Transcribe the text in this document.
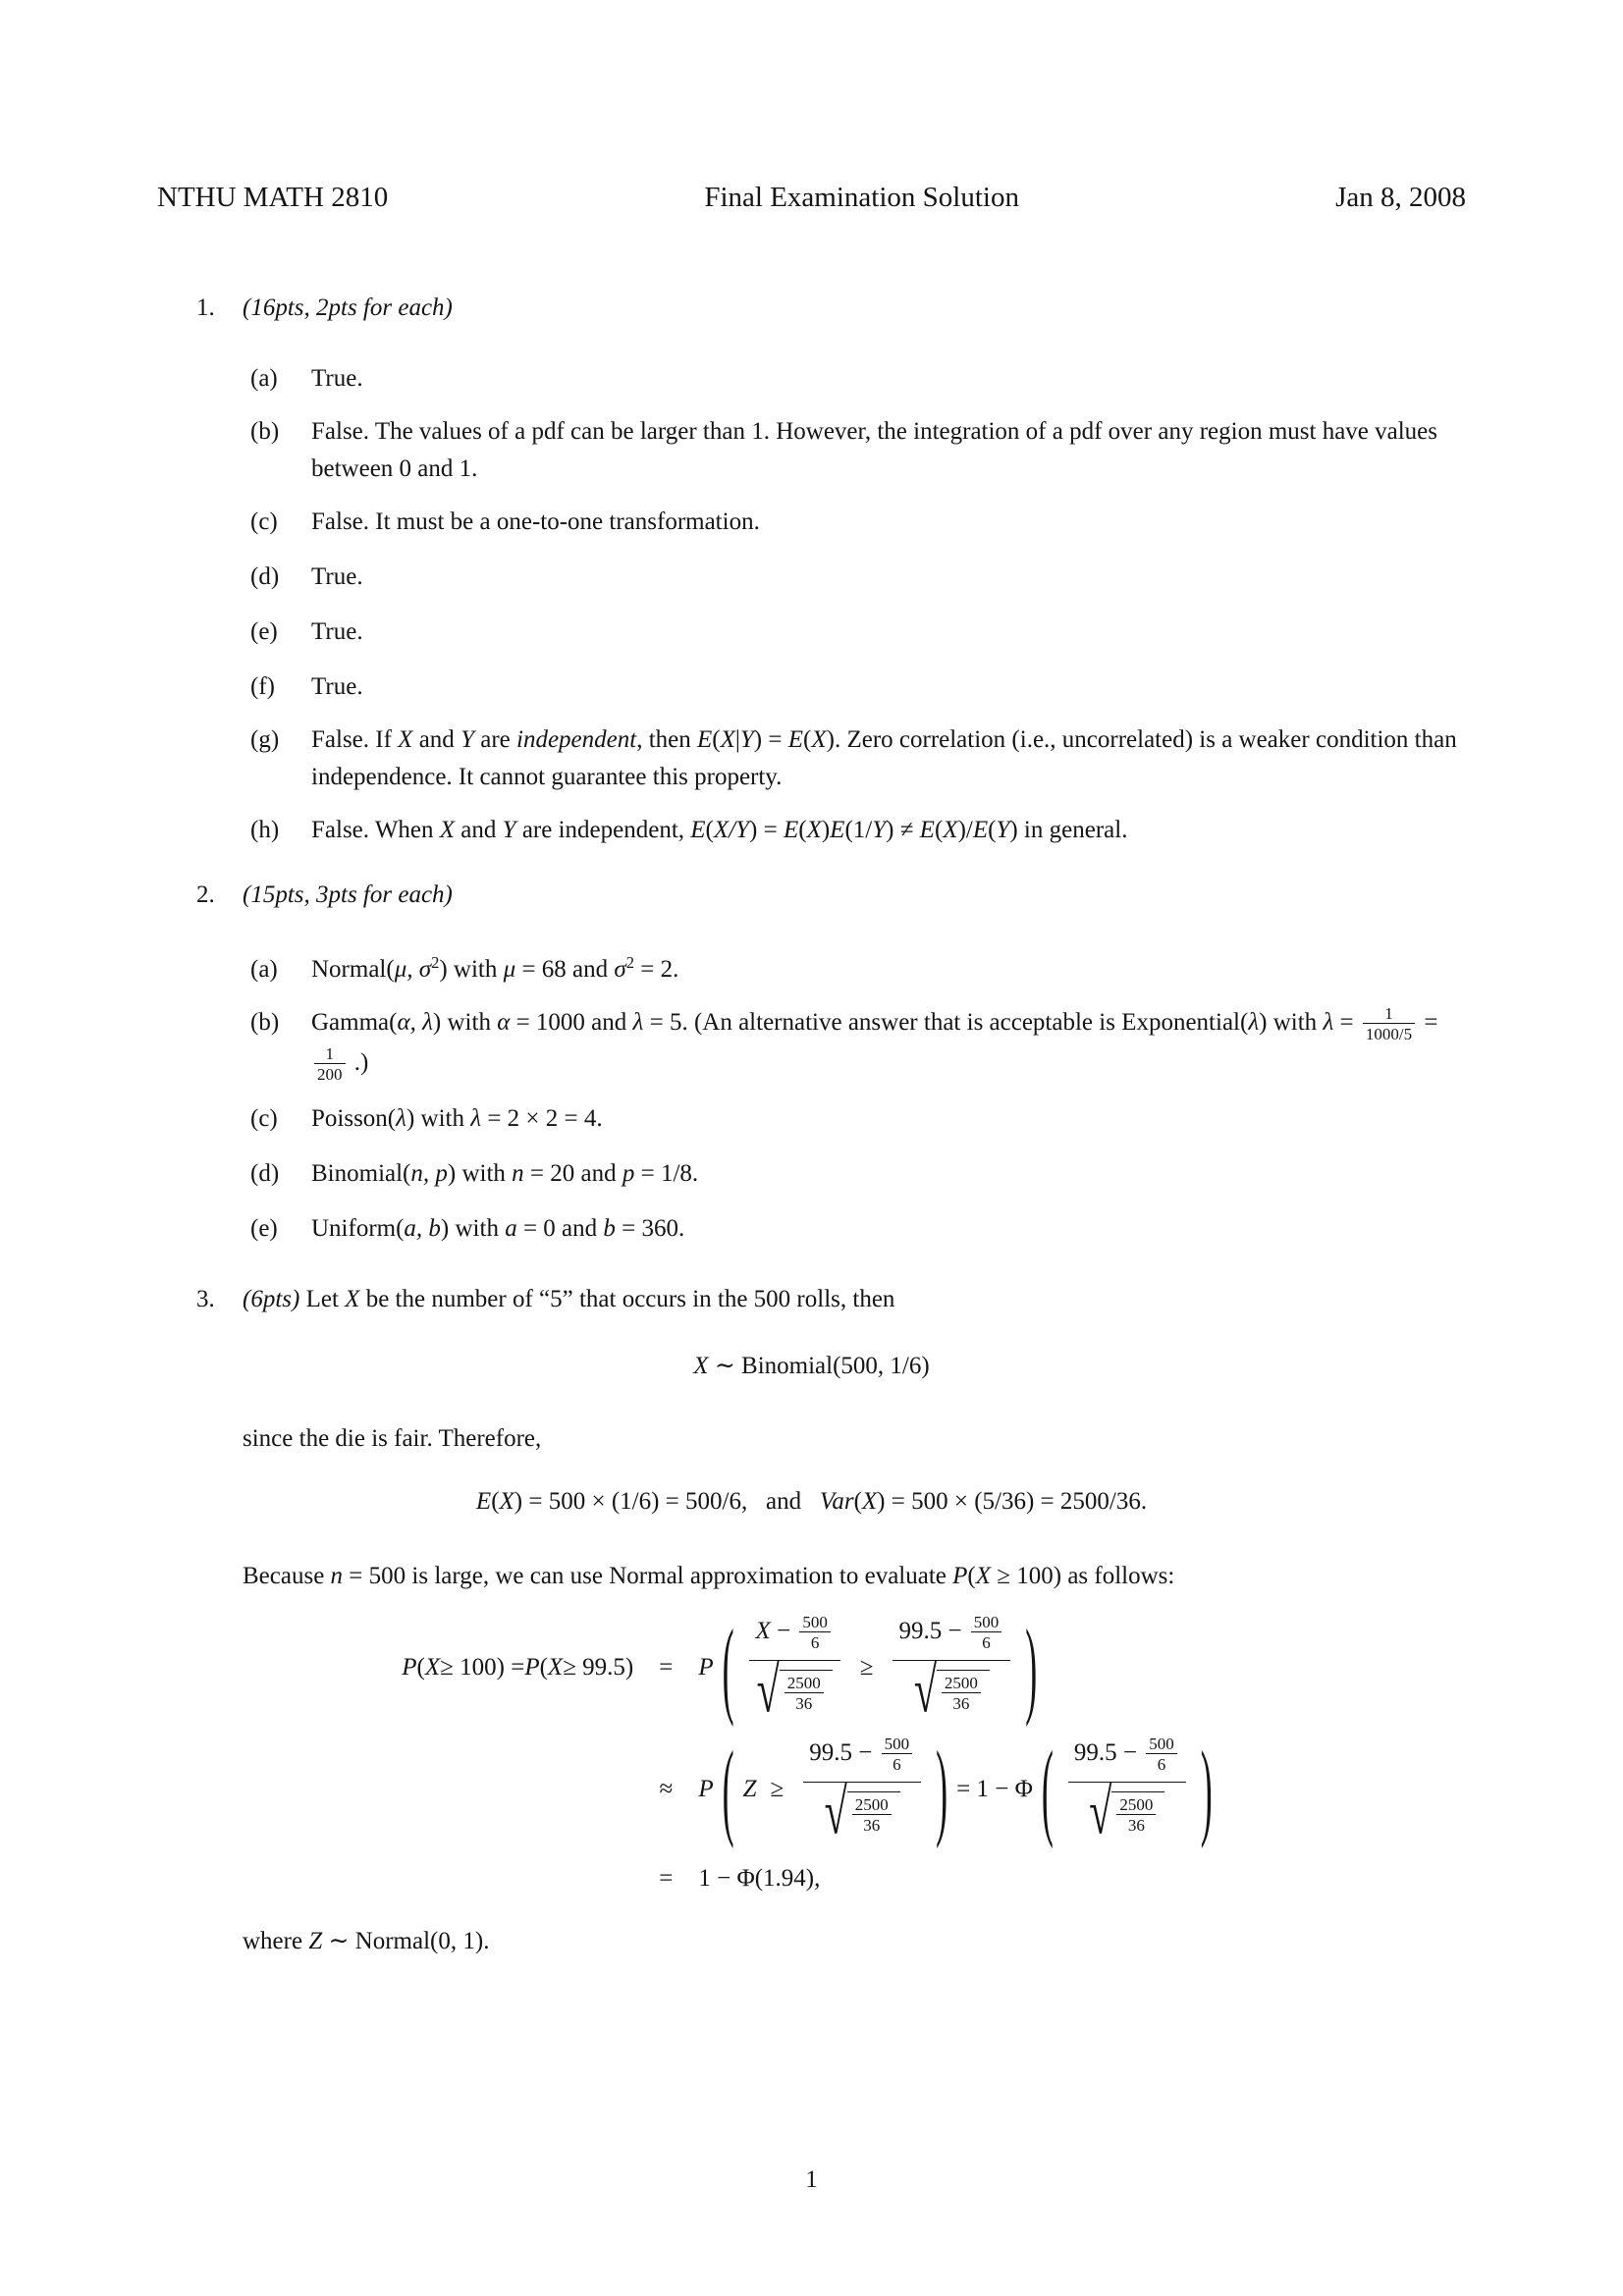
NTHU MATH 2810	Final Examination Solution	Jan 8, 2008
1.	(16pts, 2pts for each)
(a)	True.
(b)	False. The values of a pdf can be larger than 1. However, the integration of a pdf over any region must have values between 0 and 1.
(c)	False. It must be a one-to-one transformation.
(d)	True.
(e)	True.
(f)	True.
(g)	False. If X and Y are independent, then E(X|Y) = E(X). Zero correlation (i.e., uncorrelated) is a weaker condition than independence. It cannot guarantee this property.
(h)	False. When X and Y are independent, E(X/Y) = E(X)E(1/Y) ≠ E(X)/E(Y) in general.
2.	(15pts, 3pts for each)
(a)	Normal(μ, $\sigma^2$) with μ = 68 and $\sigma^2 = 2$.
(b)	Gamma(α, λ) with α = 1000 and λ = 5. (An alternative answer that is acceptable is Exponential(λ) with $\lambda = \frac{1}{1000/5}$ =
$\frac{1}{200}$ .)
(c)	Poisson(λ) with λ = 2 × 2 = 4.
(d)	Binomial(n, p) with n = 20 and p = 1/8.
(e)	Uniform(a, b) with a = 0 and b = 360.
3.	(6pts) Let X be the number of “5” that occurs in the 500 rolls, then
X ∼ Binomial(500, 1/6)
since the die is fair. Therefore,
E(X) = 500 × (1/6) = 500/6,  and  Var(X) = 500 × (5/36) = 2500/36.
Because n = 500 is large, we can use Normal approximation to evaluate P(X ≥ 100) as follows:
P ( X ≥ 100) = P ( X ≥ 99.5)	=	P ( $\frac{X - \frac{500}{6}}{√ \frac{2500}{36}} \ge \frac{99.5 - \frac{500}{6}}{√ \frac{2500}{36}}$ )
≈	P ( $Z \ge \frac{99.5 - \frac{500}{6}}{√ \frac{2500}{36}}$ ) = 1 − Φ ( $\frac{99.5 - \frac{500}{6}}{√ \frac{2500}{36}}$ )
=	1 − Φ(1.94),
where Z ∼ Normal(0, 1).
1
